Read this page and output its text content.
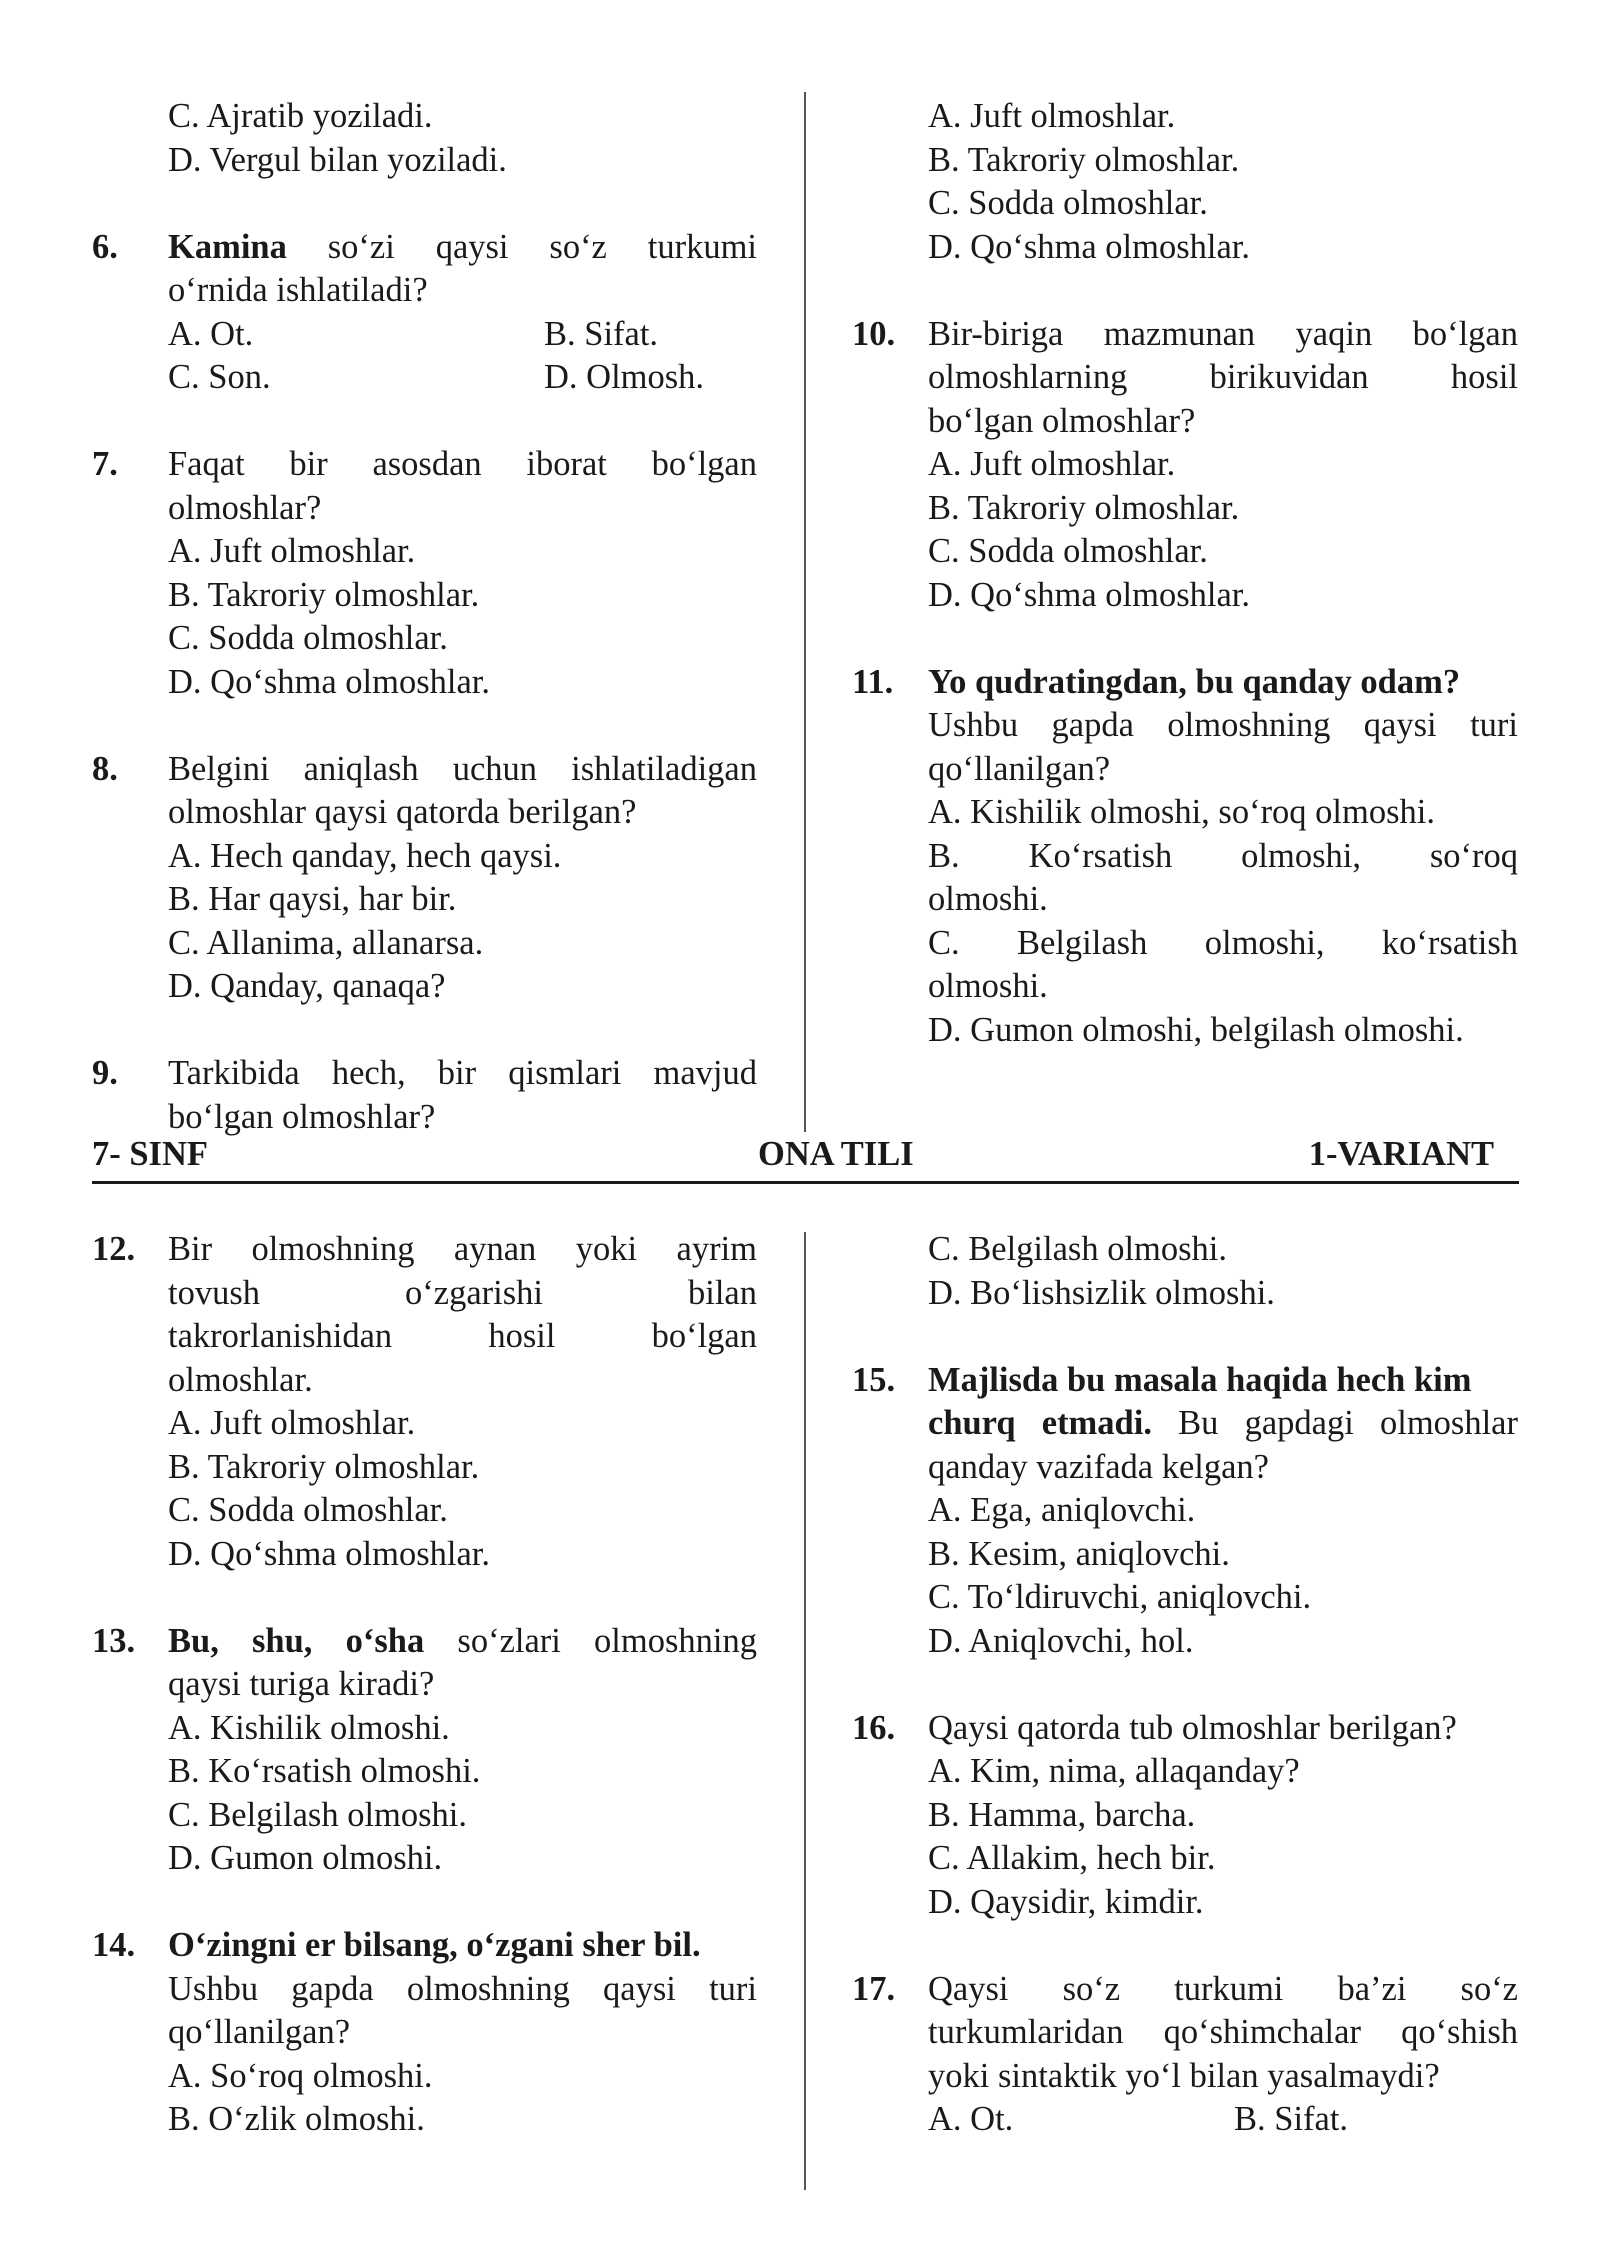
C. Ajratib yoziladi.
D. Vergul bilan yoziladi.
6. Kamina so‘zi qaysi so‘z turkumi
o‘rnida ishlatiladi?
A. Ot.	B. Sifat.
C. Son.	D. Olmosh.
7. Faqat bir asosdan iborat bo‘lgan
olmoshlar?
A. Juft olmoshlar.
B. Takroriy olmoshlar.
C. Sodda olmoshlar.
D. Qo‘shma olmoshlar.
8. Belgini aniqlash uchun ishlatiladigan
olmoshlar qaysi qatorda berilgan?
A. Hech qanday, hech qaysi.
B. Har qaysi, har bir.
C. Allanima, allanarsa.
D. Qanday, qanaqa?
9. Tarkibida hech, bir qismlari mavjud
bo‘lgan olmoshlar?
A. Juft olmoshlar.
B. Takroriy olmoshlar.
C. Sodda olmoshlar.
D. Qo‘shma olmoshlar.
10. Bir-biriga mazmunan yaqin bo‘lgan
olmoshlarning birikuvidan hosil
bo‘lgan olmoshlar?
A. Juft olmoshlar.
B. Takroriy olmoshlar.
C. Sodda olmoshlar.
D. Qo‘shma olmoshlar.
11. Yo qudratingdan, bu qanday odam?
Ushbu gapda olmoshning qaysi turi
qo‘llanilgan?
A. Kishilik olmoshi, so‘roq olmoshi.
B. Ko‘rsatish olmoshi, so‘roq
olmoshi.
C. Belgilash olmoshi, ko‘rsatish
olmoshi.
D. Gumon olmoshi, belgilash olmoshi.
7- SINF	ONA TILI	1-VARIANT
12. Bir olmoshning aynan yoki ayrim
tovush o‘zgarishi bilan
takrorlanishidan hosil bo‘lgan
olmoshlar.
A. Juft olmoshlar.
B. Takroriy olmoshlar.
C. Sodda olmoshlar.
D. Qo‘shma olmoshlar.
13. Bu, shu, o‘sha so‘zlari olmoshning
qaysi turiga kiradi?
A. Kishilik olmoshi.
B. Ko‘rsatish olmoshi.
C. Belgilash olmoshi.
D. Gumon olmoshi.
14. O‘zingni er bilsang, o‘zgani sher bil.
Ushbu gapda olmoshning qaysi turi
qo‘llanilgan?
A. So‘roq olmoshi.
B. O‘zlik olmoshi.
C. Belgilash olmoshi.
D. Bo‘lishsizlik olmoshi.
15. Majlisda bu masala haqida hech kim
churq etmadi. Bu gapdagi olmoshlar
qanday vazifada kelgan?
A. Ega, aniqlovchi.
B. Kesim, aniqlovchi.
C. To‘ldiruvchi, aniqlovchi.
D. Aniqlovchi, hol.
16. Qaysi qatorda tub olmoshlar berilgan?
A. Kim, nima, allaqanday?
B. Hamma, barcha.
C. Allakim, hech bir.
D. Qaysidir, kimdir.
17. Qaysi so‘z turkumi ba’zi so‘z
turkumlaridan qo‘shimchalar qo‘shish
yoki sintaktik yo‘l bilan yasalmaydi?
A. Ot.	B. Sifat.
